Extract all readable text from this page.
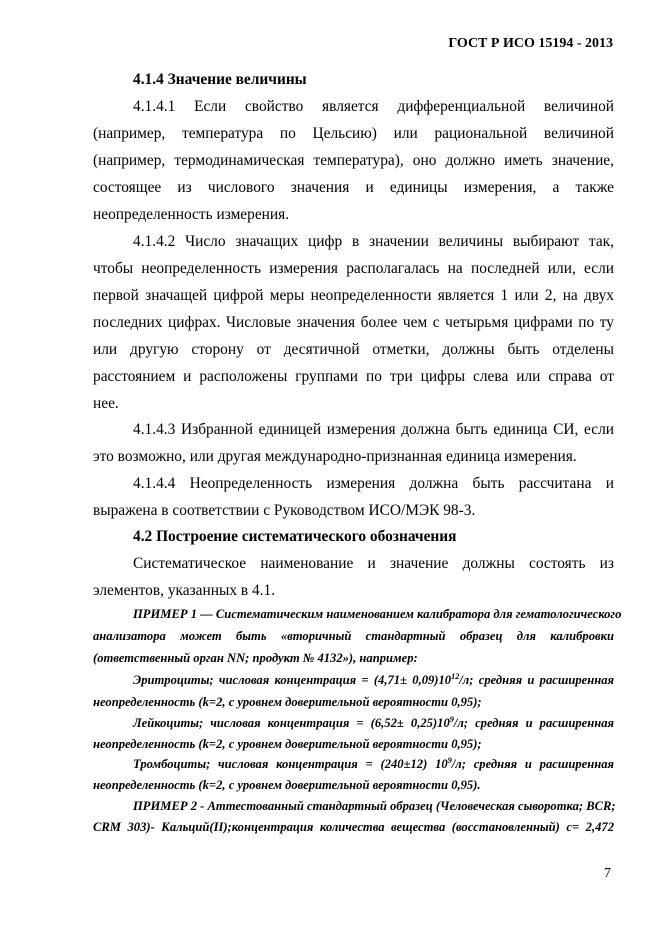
ГОСТ Р ИСО 15194 - 2013
4.1.4 Значение величины
4.1.4.1 Если свойство является дифференциальной величиной
(например, температура по Цельсию) или рациональной величиной
(например, термодинамическая температура), оно должно иметь значение,
состоящее из числового значения и единицы измерения, а также
неопределенность измерения.
4.1.4.2 Число значащих цифр в значении величины выбирают так,
чтобы неопределенность измерения располагалась на последней или, если
первой значащей цифрой меры неопределенности является 1 или 2, на двух
последних цифрах. Числовые значения более чем с четырьмя цифрами по ту
или другую сторону от десятичной отметки, должны быть отделены
расстоянием и расположены группами по три цифры слева или справа от
нее.
4.1.4.3 Избранной единицей измерения должна быть единица СИ, если
это возможно, или другая международно-признанная единица измерения.
4.1.4.4 Неопределенность измерения должна быть рассчитана и
выражена в соответствии с Руководством ИСО/МЭК 98-3.
4.2 Построение систематического обозначения
Систематическое наименование и значение должны состоять из
элементов, указанных в 4.1.
ПРИМЕР 1 — Систематическим наименованием калибратора для гематологического
анализатора может быть «вторичный стандартный образец для калибровки
(ответственный орган NN; продукт № 4132»), например:
Эритроциты; числовая концентрация = $(4,71\pm 0,09)10^{12}/л$; средняя и расширенная
неопределенность (k=2, с уровнем доверительной вероятности 0,95);
Лейкоциты; числовая концентрация = $(6,52\pm 0,25)10^9/л$; средняя и расширенная
неопределенность (k=2, с уровнем доверительной вероятности 0,95);
Тромбоциты; числовая концентрация = (240±12) $10^9/л$; средняя и расширенная
неопределенность (k=2, с уровнем доверительной вероятности 0,95).
ПРИМЕР 2 - Аттестованный стандартный образец (Человеческая сыворотка; BCR;
CRM 303)- Кальций(II);концентрация количества вещества (восстановленный) c= 2,472
7
